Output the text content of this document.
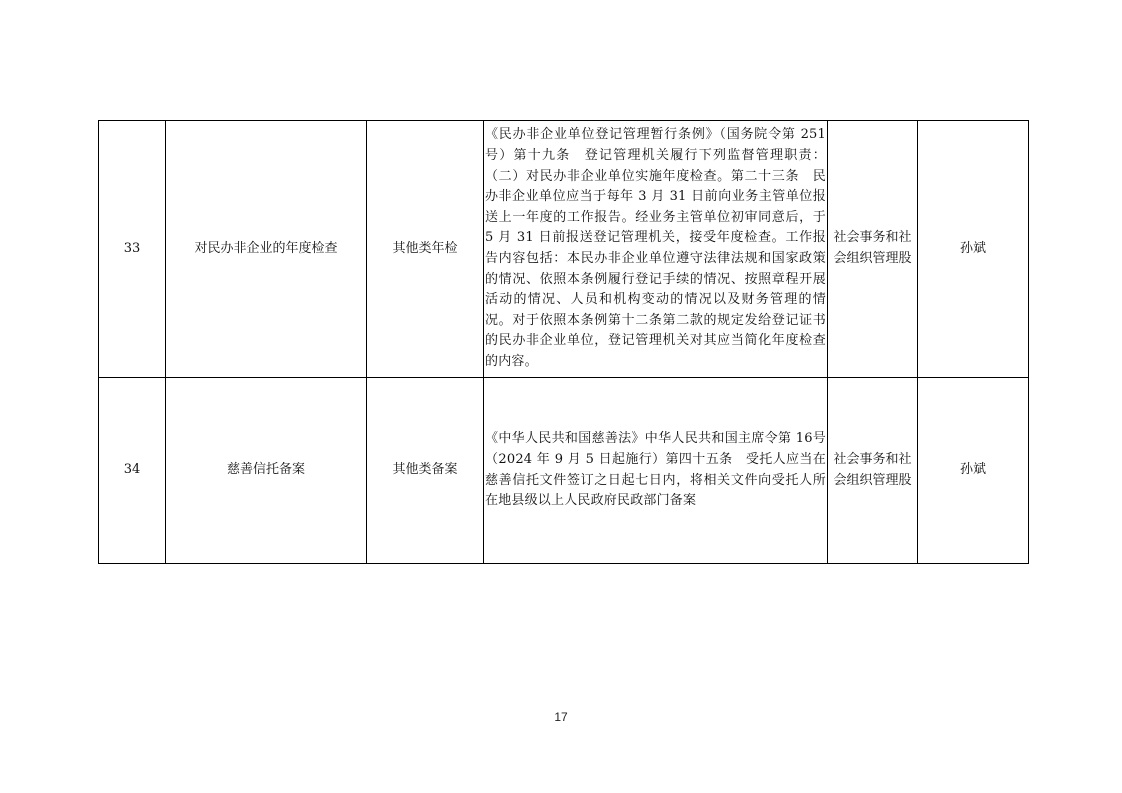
33	对民办非企业的年度检查	其他类年检	《民办非企业单位登记管理暂行条例》（国务院令第 251号）第十九条　登记管理机关履行下列监督管理职责：（二）对民办非企业单位实施年度检查。第二十三条　民办非企业单位应当于每年 3 月 31 日前向业务主管单位报送上一年度的工作报告。经业务主管单位初审同意后，于 5 月 31 日前报送登记管理机关，接受年度检查。工作报告内容包括：本民办非企业单位遵守法律法规和国家政策的情况、依照本条例履行登记手续的情况、按照章程开展活动的情况、人员和机构变动的情况以及财务管理的情况。对于依照本条例第十二条第二款的规定发给登记证书的民办非企业单位，登记管理机关对其应当简化年度检查的内容。	社会事务和社会组织管理股	孙斌
34	慈善信托备案	其他类备案	《中华人民共和国慈善法》中华人民共和国主席令第 16号（2024 年 9 月 5 日起施行）第四十五条　受托人应当在慈善信托文件签订之日起七日内，将相关文件向受托人所在地县级以上人民政府民政部门备案	社会事务和社会组织管理股	孙斌
17
